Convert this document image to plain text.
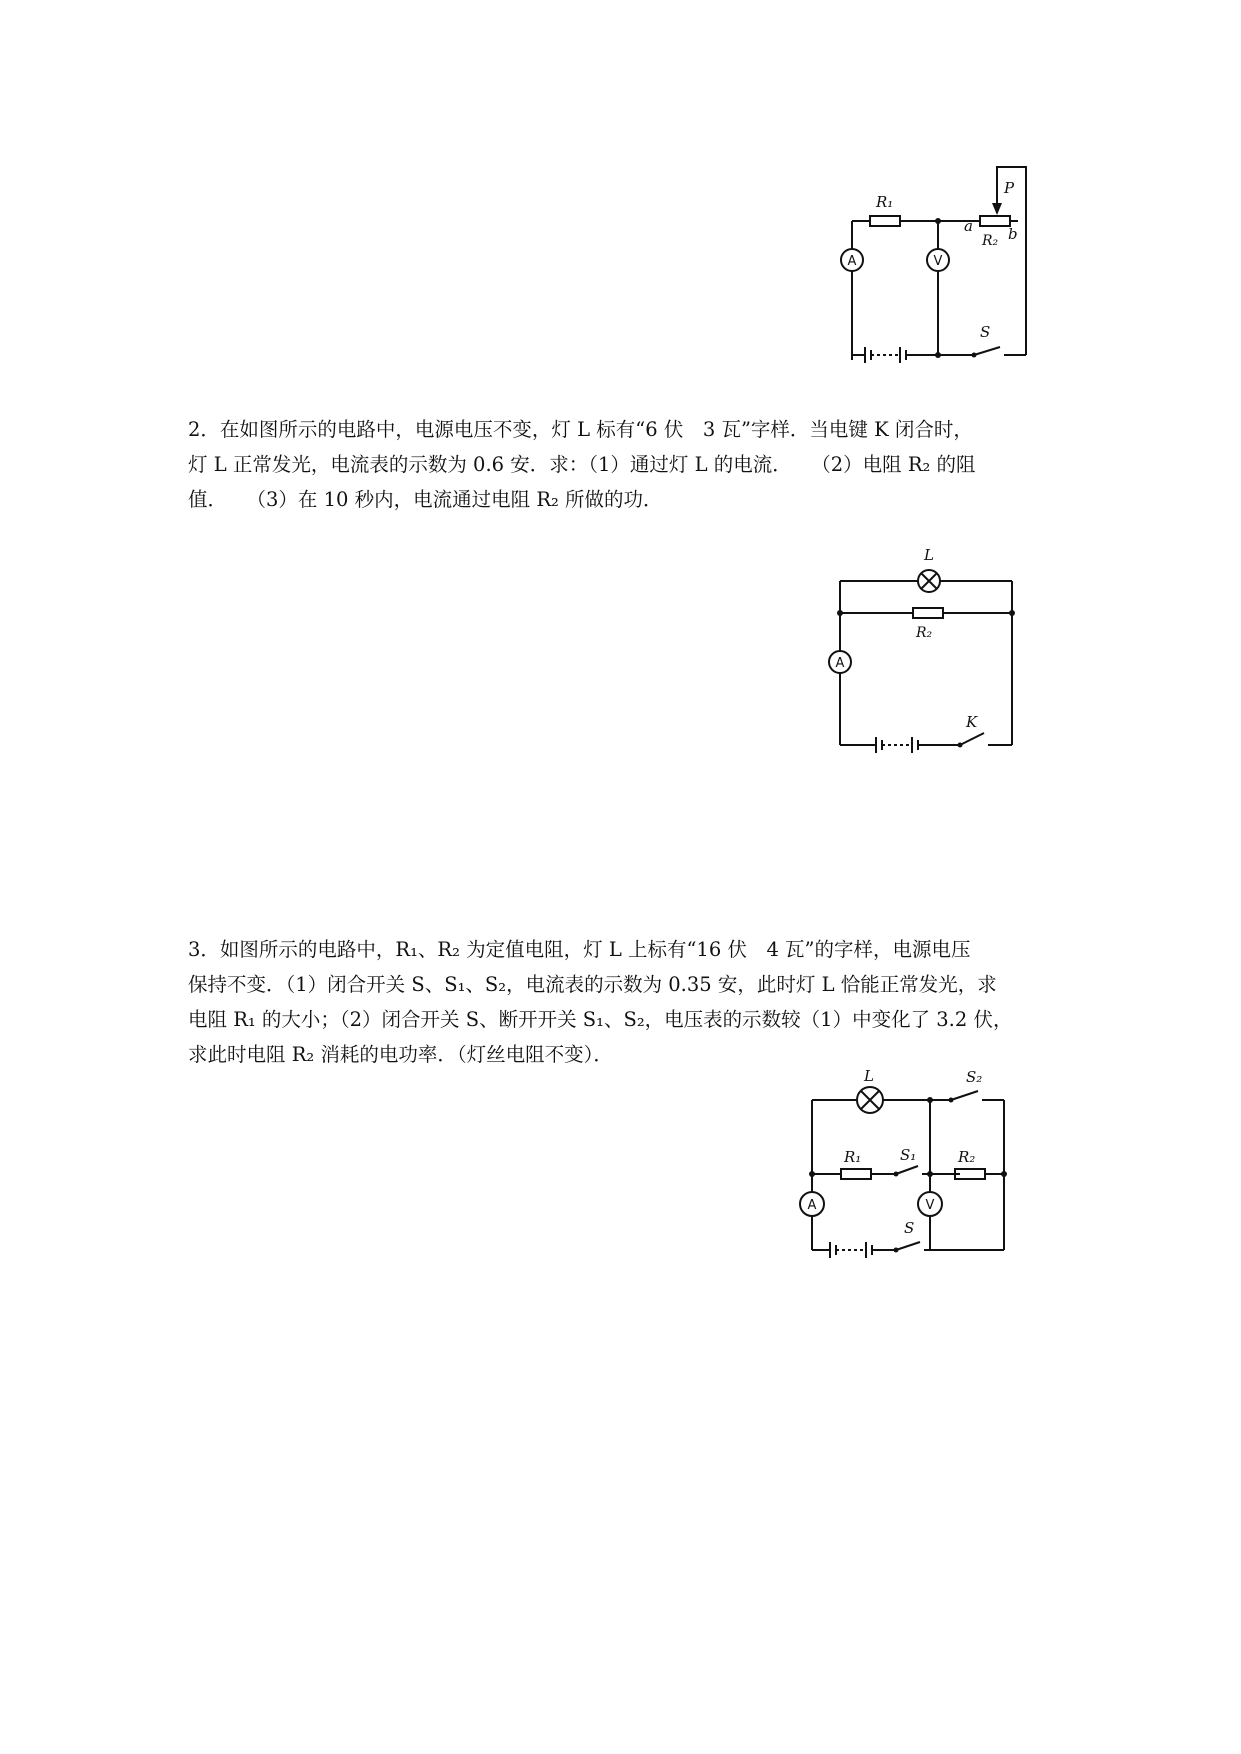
R₁
A	V
a b
R₂
P
S

2．在如图所示的电路中，电源电压不变，灯 L 标有“6 伏　3 瓦”字样．当电键 K 闭合时，

灯 L 正常发光，电流表的示数为 0.6 安．求：（1）通过灯 L 的电流．　　（2）电阻 R₂ 的阻

值．　　（3）在 10 秒内，电流通过电阻 R₂ 所做的功．

L
R₂
A
K

3．如图所示的电路中，R₁、R₂ 为定值电阻，灯 L 上标有“16 伏　4 瓦”的字样，电源电压

保持不变．（1）闭合开关 S、S₁、S₂，电流表的示数为 0.35 安，此时灯 L 恰能正常发光，求

电阻 R₁ 的大小；（2）闭合开关 S、断开开关 S₁、S₂，电压表的示数较（1）中变化了 3.2 伏，

求此时电阻 R₂ 消耗的电功率．（灯丝电阻不变）．

L	S₂
R₁	S₁	R₂
A	V
S
